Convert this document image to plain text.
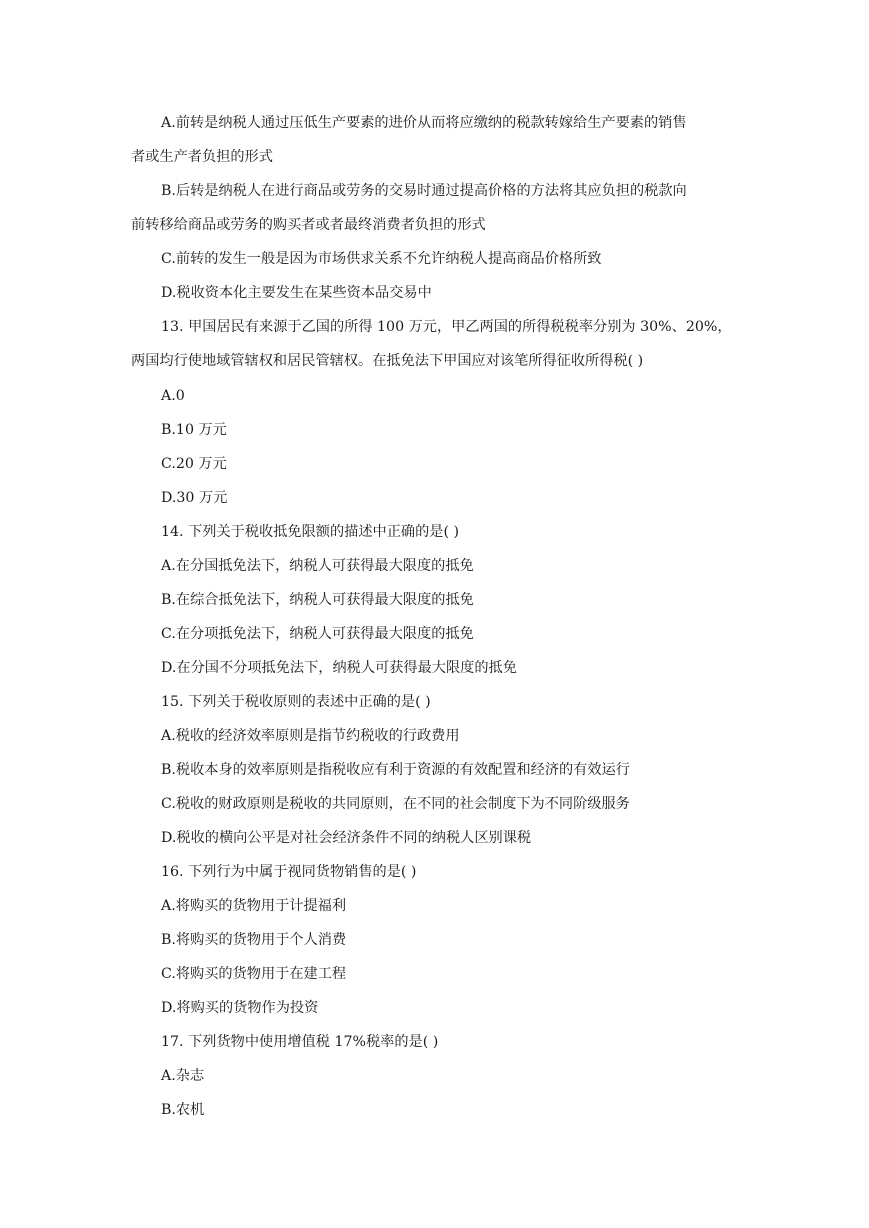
A.前转是纳税人通过压低生产要素的进价从而将应缴纳的税款转嫁给生产要素的销售
者或生产者负担的形式
B.后转是纳税人在进行商品或劳务的交易时通过提高价格的方法将其应负担的税款向
前转移给商品或劳务的购买者或者最终消费者负担的形式
C.前转的发生一般是因为市场供求关系不允许纳税人提高商品价格所致
D.税收资本化主要发生在某些资本品交易中
13. 甲国居民有来源于乙国的所得 100 万元，甲乙两国的所得税税率分别为 30%、20%，
两国均行使地域管辖权和居民管辖权。在抵免法下甲国应对该笔所得征收所得税( )
A.0
B.10 万元
C.20 万元
D.30 万元
14. 下列关于税收抵免限额的描述中正确的是( )
A.在分国抵免法下，纳税人可获得最大限度的抵免
B.在综合抵免法下，纳税人可获得最大限度的抵免
C.在分项抵免法下，纳税人可获得最大限度的抵免
D.在分国不分项抵免法下，纳税人可获得最大限度的抵免
15. 下列关于税收原则的表述中正确的是( )
A.税收的经济效率原则是指节约税收的行政费用
B.税收本身的效率原则是指税收应有利于资源的有效配置和经济的有效运行
C.税收的财政原则是税收的共同原则，在不同的社会制度下为不同阶级服务
D.税收的横向公平是对社会经济条件不同的纳税人区别课税
16. 下列行为中属于视同货物销售的是( )
A.将购买的货物用于计提福利
B.将购买的货物用于个人消费
C.将购买的货物用于在建工程
D.将购买的货物作为投资
17. 下列货物中使用增值税 17%税率的是( )
A.杂志
B.农机
